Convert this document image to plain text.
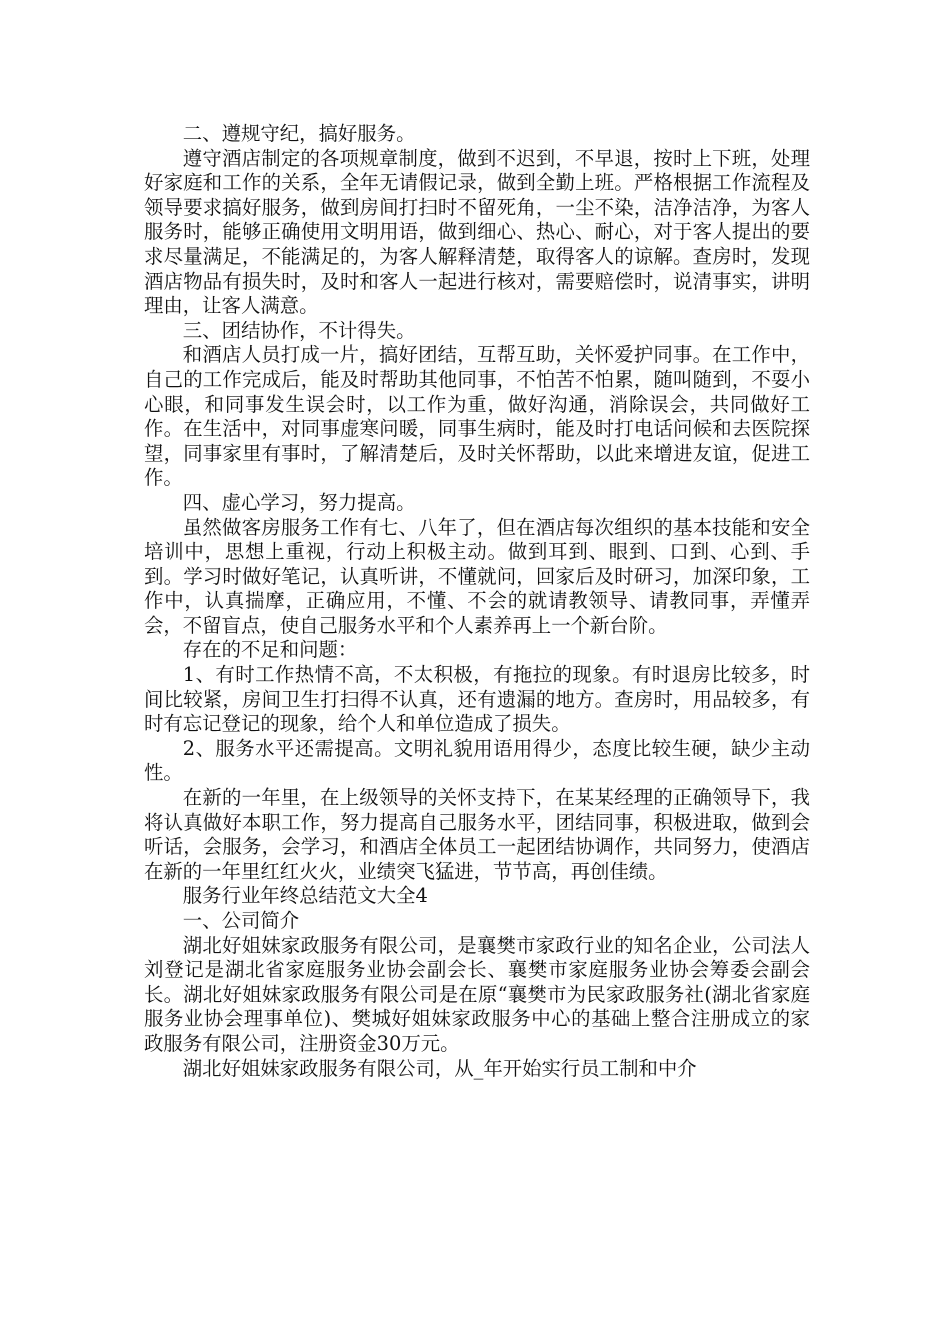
二、遵规守纪，搞好服务。

遵守酒店制定的各项规章制度，做到不迟到，不早退，按时上下班，处理好家庭和工作的关系，全年无请假记录，做到全勤上班。严格根据工作流程及领导要求搞好服务，做到房间打扫时不留死角，一尘不染，洁净洁净，为客人服务时，能够正确使用文明用语，做到细心、热心、耐心，对于客人提出的要求尽量满足，不能满足的，为客人解释清楚，取得客人的谅解。查房时，发现酒店物品有损失时，及时和客人一起进行核对，需要赔偿时，说清事实，讲明理由，让客人满意。

三、团结协作，不计得失。

和酒店人员打成一片，搞好团结，互帮互助，关怀爱护同事。在工作中，自己的工作完成后，能及时帮助其他同事，不怕苦不怕累，随叫随到，不耍小心眼，和同事发生误会时，以工作为重，做好沟通，消除误会，共同做好工作。在生活中，对同事虚寒问暖，同事生病时，能及时打电话问候和去医院探望，同事家里有事时，了解清楚后，及时关怀帮助，以此来增进友谊，促进工作。

四、虚心学习，努力提高。

虽然做客房服务工作有七、八年了，但在酒店每次组织的基本技能和安全培训中，思想上重视，行动上积极主动。做到耳到、眼到、口到、心到、手到。学习时做好笔记，认真听讲，不懂就问，回家后及时研习，加深印象，工作中，认真揣摩，正确应用，不懂、不会的就请教领导、请教同事，弄懂弄会，不留盲点，使自己服务水平和个人素养再上一个新台阶。

存在的不足和问题：

1、有时工作热情不高，不太积极，有拖拉的现象。有时退房比较多，时间比较紧，房间卫生打扫得不认真，还有遗漏的地方。查房时，用品较多，有时有忘记登记的现象，给个人和单位造成了损失。

2、服务水平还需提高。文明礼貌用语用得少，态度比较生硬，缺少主动性。

在新的一年里，在上级领导的关怀支持下，在某某经理的正确领导下，我将认真做好本职工作，努力提高自己服务水平，团结同事，积极进取，做到会听话，会服务，会学习，和酒店全体员工一起团结协调作，共同努力，使酒店在新的一年里红红火火，业绩突飞猛进，节节高，再创佳绩。

服务行业年终总结范文大全4

一、公司简介

湖北好姐妹家政服务有限公司，是襄樊市家政行业的知名企业，公司法人刘登记是湖北省家庭服务业协会副会长、襄樊市家庭服务业协会筹委会副会长。湖北好姐妹家政服务有限公司是在原“襄樊市为民家政服务社(湖北省家庭服务业协会理事单位)、樊城好姐妹家政服务中心的基础上整合注册成立的家政服务有限公司，注册资金30万元。

湖北好姐妹家政服务有限公司，从_年开始实行员工制和中介
